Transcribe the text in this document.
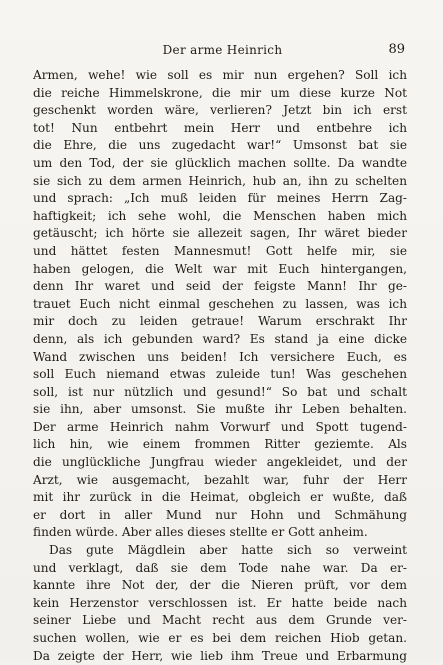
Der arme Heinrich	89
Armen, wehe! wie soll es mir nun ergehen? Soll ich
die reiche Himmelskrone, die mir um diese kurze Not
geschenkt worden wäre, verlieren? Jetzt bin ich erst
tot! Nun entbehrt mein Herr und entbehre ich
die Ehre, die uns zugedacht war!“ Umsonst bat sie
um den Tod, der sie glücklich machen sollte. Da wandte
sie sich zu dem armen Heinrich, hub an, ihn zu schelten
und sprach: „Ich muß leiden für meines Herrn Zag-
haftigkeit; ich sehe wohl, die Menschen haben mich
getäuscht; ich hörte sie allezeit sagen, Ihr wäret bieder
und hättet festen Mannesmut! Gott helfe mir, sie
haben gelogen, die Welt war mit Euch hintergangen,
denn Ihr waret und seid der feigste Mann! Ihr ge-
trauet Euch nicht einmal geschehen zu lassen, was ich
mir doch zu leiden getraue! Warum erschrakt Ihr
denn, als ich gebunden ward? Es stand ja eine dicke
Wand zwischen uns beiden! Ich versichere Euch, es
soll Euch niemand etwas zuleide tun! Was geschehen
soll, ist nur nützlich und gesund!“ So bat und schalt
sie ihn, aber umsonst. Sie mußte ihr Leben behalten.
Der arme Heinrich nahm Vorwurf und Spott tugend-
lich hin, wie einem frommen Ritter geziemte. Als
die unglückliche Jungfrau wieder angekleidet, und der
Arzt, wie ausgemacht, bezahlt war, fuhr der Herr
mit ihr zurück in die Heimat, obgleich er wußte, daß
er dort in aller Mund nur Hohn und Schmähung
finden würde. Aber alles dieses stellte er Gott anheim.
Das gute Mägdlein aber hatte sich so verweint
und verklagt, daß sie dem Tode nahe war. Da er-
kannte ihre Not der, der die Nieren prüft, vor dem
kein Herzenstor verschlossen ist. Er hatte beide nach
seiner Liebe und Macht recht aus dem Grunde ver-
suchen wollen, wie er es bei dem reichen Hiob getan.
Da zeigte der Herr, wie lieb ihm Treue und Erbarmung
